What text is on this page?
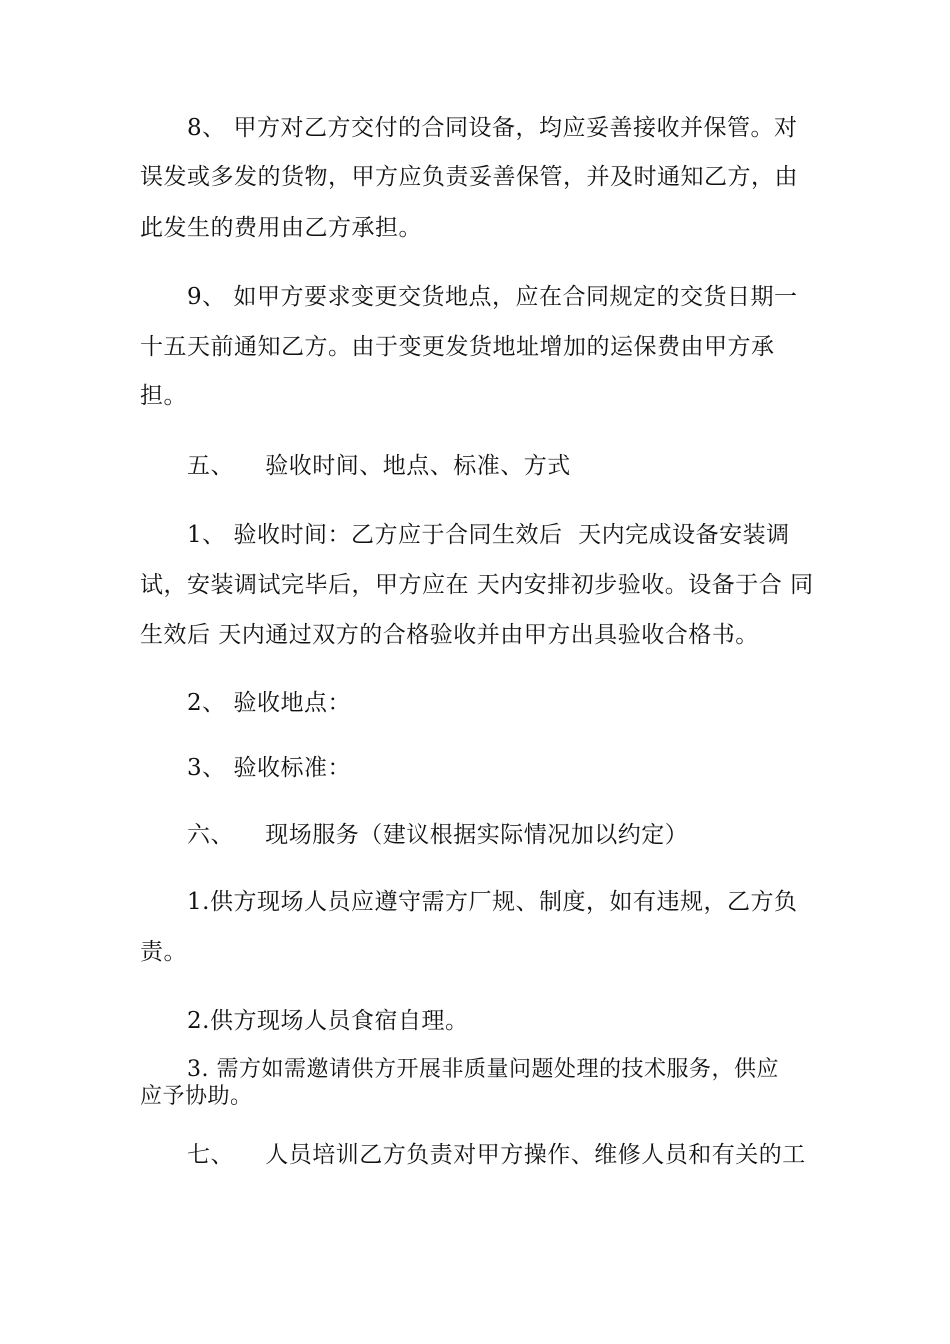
8、 甲方对乙方交付的合同设备，均应妥善接收并保管。对
误发或多发的货物，甲方应负责妥善保管，并及时通知乙方，由
此发生的费用由乙方承担。
9、 如甲方要求变更交货地点，应在合同规定的交货日期一
十五天前通知乙方。由于变更发货地址增加的运保费由甲方承
担。
五、    验收时间、地点、标准、方式
1、 验收时间：乙方应于合同生效后  天内完成设备安装调
试，安装调试完毕后，甲方应在 天内安排初步验收。设备于合 同
生效后 天内通过双方的合格验收并由甲方出具验收合格书。
2、 验收地点：
3、 验收标准：
六、    现场服务（建议根据实际情况加以约定）
1.供方现场人员应遵守需方厂规、制度，如有违规，乙方负
责。
2.供方现场人员食宿自理。
3. 需方如需邀请供方开展非质量问题处理的技术服务，供应
应予协助。
七、    人员培训乙方负责对甲方操作、维修人员和有关的工
